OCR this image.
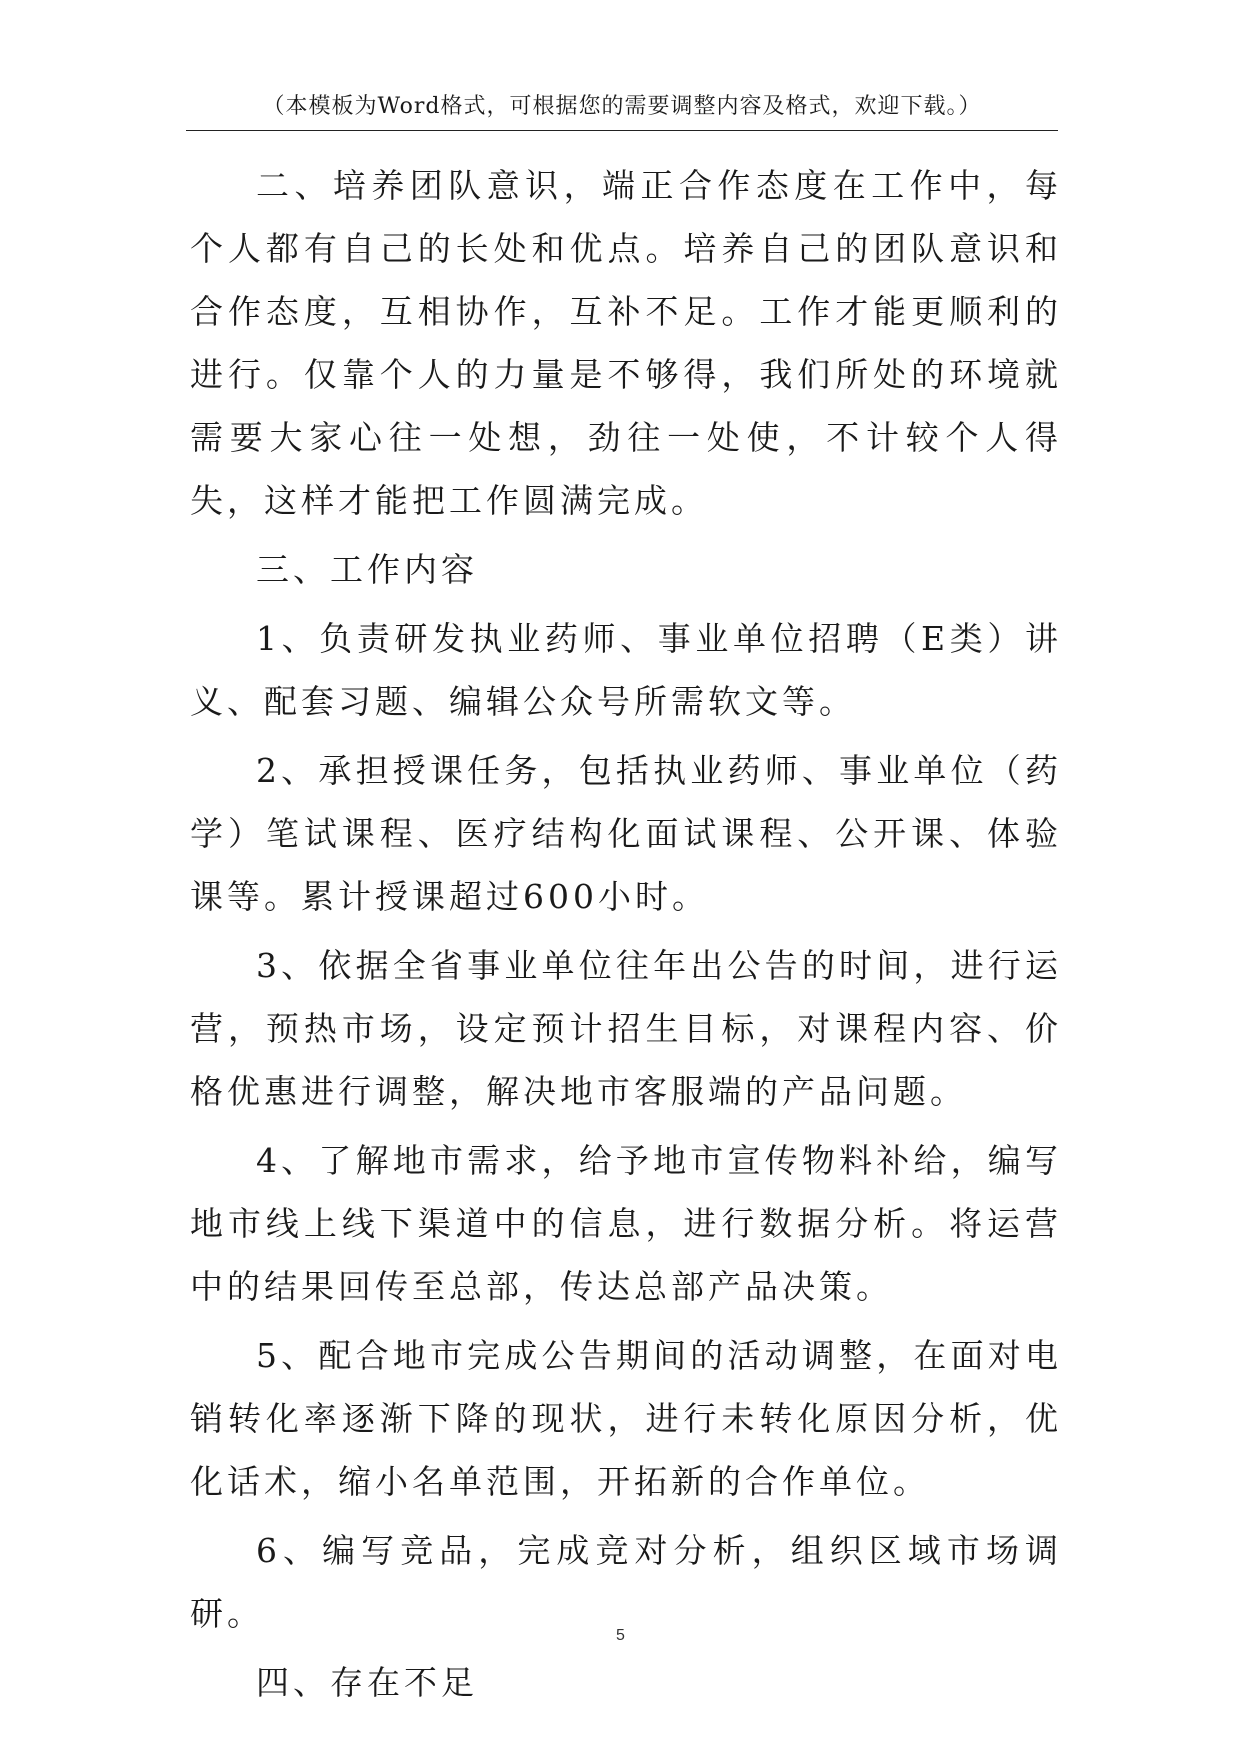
（本模板为Word格式，可根据您的需要调整内容及格式，欢迎下载。）

二、培养团队意识，端正合作态度在工作中，每个人都有自己的长处和优点。培养自己的团队意识和合作态度，互相协作，互补不足。工作才能更顺利的进行。仅靠个人的力量是不够得，我们所处的环境就需要大家心往一处想，劲往一处使，不计较个人得失，这样才能把工作圆满完成。

三、工作内容

1、负责研发执业药师、事业单位招聘（E类）讲义、配套习题、编辑公众号所需软文等。

2、承担授课任务，包括执业药师、事业单位（药学）笔试课程、医疗结构化面试课程、公开课、体验课等。累计授课超过600小时。

3、依据全省事业单位往年出公告的时间，进行运营，预热市场，设定预计招生目标，对课程内容、价格优惠进行调整，解决地市客服端的产品问题。

4、了解地市需求，给予地市宣传物料补给，编写地市线上线下渠道中的信息，进行数据分析。将运营中的结果回传至总部，传达总部产品决策。

5、配合地市完成公告期间的活动调整，在面对电销转化率逐渐下降的现状，进行未转化原因分析，优化话术，缩小名单范围，开拓新的合作单位。

6、编写竞品，完成竞对分析，组织区域市场调研。

四、存在不足

5
